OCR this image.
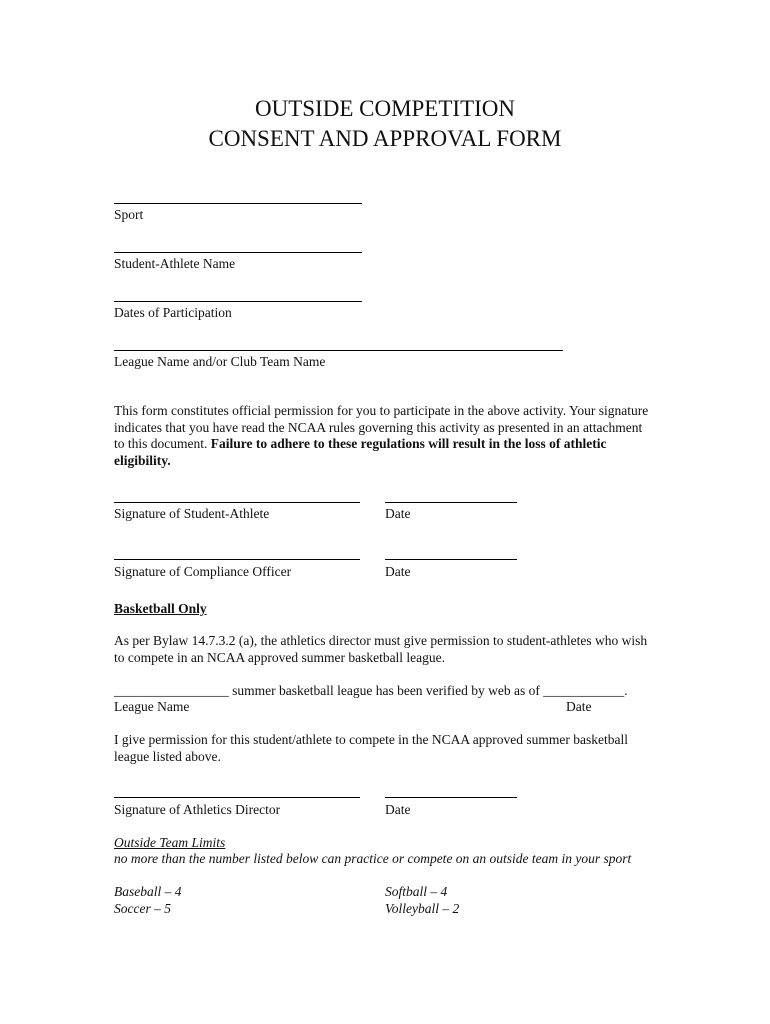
OUTSIDE COMPETITION
CONSENT AND APPROVAL FORM
Sport
Student-Athlete Name
Dates of Participation
League Name and/or Club Team Name
This form constitutes official permission for you to participate in the above activity. Your signature indicates that you have read the NCAA rules governing this activity as presented in an attachment to this document. Failure to adhere to these regulations will result in the loss of athletic eligibility.
Signature of Student-Athlete	Date
Signature of Compliance Officer	Date
Basketball Only
As per Bylaw 14.7.3.2 (a), the athletics director must give permission to student-athletes who wish to compete in an NCAA approved summer basketball league.
_________________ summer basketball league has been verified by web as of ____________.
League Name	Date
I give permission for this student/athlete to compete in the NCAA approved summer basketball league listed above.
Signature of Athletics Director	Date
Outside Team Limits
no more than the number listed below can practice or compete on an outside team in your sport
Baseball – 4	Softball – 4
Soccer – 5	Volleyball – 2
